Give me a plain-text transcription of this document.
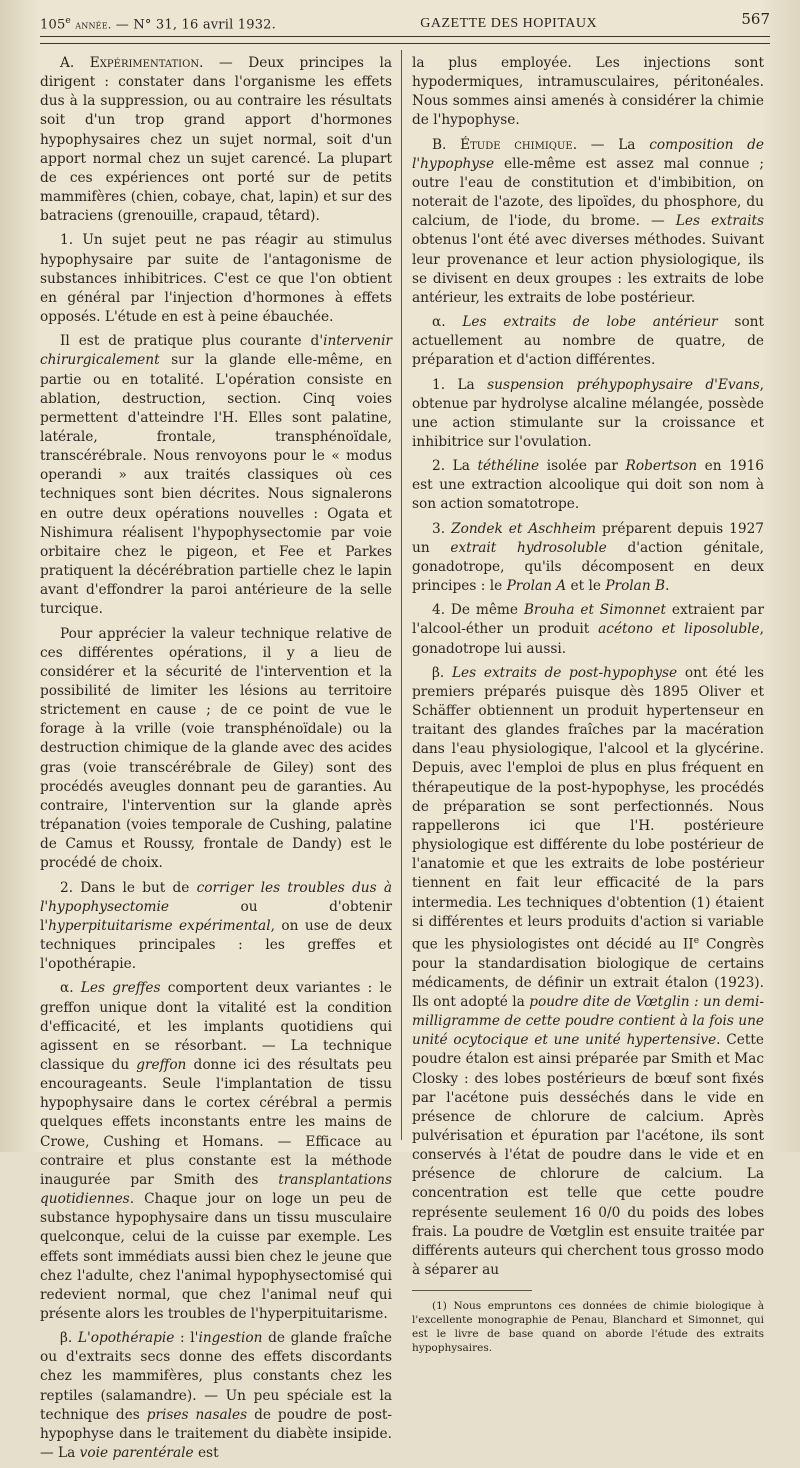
105e année. — N° 31, 16 avril 1932.	GAZETTE DES HOPITAUX	567

A. Expérimentation. — Deux principes la dirigent : constater dans l'organisme les effets dus à la suppression, ou au contraire les résultats soit d'un trop grand apport d'hormones hypophysaires chez un sujet normal, soit d'un apport normal chez un sujet carencé. La plupart de ces expériences ont porté sur de petits mammifères (chien, cobaye, chat, lapin) et sur des batraciens (grenouille, crapaud, têtard).

1. Un sujet peut ne pas réagir au stimulus hypophysaire par suite de l'antagonisme de substances inhibitrices. C'est ce que l'on obtient en général par l'injection d'hormones à effets opposés. L'étude en est à peine ébauchée.

Il est de pratique plus courante d'intervenir chirurgicalement sur la glande elle-même, en partie ou en totalité. L'opération consiste en ablation, destruction, section. Cinq voies permettent d'atteindre l'H. Elles sont palatine, latérale, frontale, transphénoïdale, transcérébrale. Nous renvoyons pour le « modus operandi » aux traités classiques où ces techniques sont bien décrites. Nous signalerons en outre deux opérations nouvelles : Ogata et Nishimura réalisent l'hypophysectomie par voie orbitaire chez le pigeon, et Fee et Parkes pratiquent la décérébration partielle chez le lapin avant d'effondrer la paroi antérieure de la selle turcique.

Pour apprécier la valeur technique relative de ces différentes opérations, il y a lieu de considérer et la sécurité de l'intervention et la possibilité de limiter les lésions au territoire strictement en cause ; de ce point de vue le forage à la vrille (voie transphénoïdale) ou la destruction chimique de la glande avec des acides gras (voie transcérébrale de Giley) sont des procédés aveugles donnant peu de garanties. Au contraire, l'intervention sur la glande après trépanation (voies temporale de Cushing, palatine de Camus et Roussy, frontale de Dandy) est le procédé de choix.

2. Dans le but de corriger les troubles dus à l'hypophysectomie ou d'obtenir l'hyperpituitarisme expérimental, on use de deux techniques principales : les greffes et l'opothérapie.

α. Les greffes comportent deux variantes : le greffon unique dont la vitalité est la condition d'efficacité, et les implants quotidiens qui agissent en se résorbant. — La technique classique du greffon donne ici des résultats peu encourageants. Seule l'implantation de tissu hypophysaire dans le cortex cérébral a permis quelques effets inconstants entre les mains de Crowe, Cushing et Homans. — Efficace au contraire et plus constante est la méthode inaugurée par Smith des transplantations quotidiennes. Chaque jour on loge un peu de substance hypophysaire dans un tissu musculaire quelconque, celui de la cuisse par exemple. Les effets sont immédiats aussi bien chez le jeune que chez l'adulte, chez l'animal hypophysectomisé qui redevient normal, que chez l'animal neuf qui présente alors les troubles de l'hyperpituitarisme.

β. L'opothérapie : l'ingestion de glande fraîche ou d'extraits secs donne des effets discordants chez les mammifères, plus constants chez les reptiles (salamandre). — Un peu spéciale est la technique des prises nasales de poudre de post-hypophyse dans le traitement du diabète insipide. — La voie parentérale est

la plus employée. Les injections sont hypodermiques, intramusculaires, péritonéales. Nous sommes ainsi amenés à considérer la chimie de l'hypophyse.

B. Étude chimique. — La composition de l'hypophyse elle-même est assez mal connue ; outre l'eau de constitution et d'imbibition, on noterait de l'azote, des lipoïdes, du phosphore, du calcium, de l'iode, du brome. — Les extraits obtenus l'ont été avec diverses méthodes. Suivant leur provenance et leur action physiologique, ils se divisent en deux groupes : les extraits de lobe antérieur, les extraits de lobe postérieur.

α. Les extraits de lobe antérieur sont actuellement au nombre de quatre, de préparation et d'action différentes.

1. La suspension préhypophysaire d'Evans, obtenue par hydrolyse alcaline mélangée, possède une action stimulante sur la croissance et inhibitrice sur l'ovulation.

2. La téthéline isolée par Robertson en 1916 est une extraction alcoolique qui doit son nom à son action somatotrope.

3. Zondek et Aschheim préparent depuis 1927 un extrait hydrosoluble d'action génitale, gonadotrope, qu'ils décomposent en deux principes : le Prolan A et le Prolan B.

4. De même Brouha et Simonnet extraient par l'alcool-éther un produit acétono et liposoluble, gonadotrope lui aussi.

β. Les extraits de post-hypophyse ont été les premiers préparés puisque dès 1895 Oliver et Schäffer obtiennent un produit hypertenseur en traitant des glandes fraîches par la macération dans l'eau physiologique, l'alcool et la glycérine. Depuis, avec l'emploi de plus en plus fréquent en thérapeutique de la post-hypophyse, les procédés de préparation se sont perfectionnés. Nous rappellerons ici que l'H. postérieure physiologique est différente du lobe postérieur de l'anatomie et que les extraits de lobe postérieur tiennent en fait leur efficacité de la pars intermedia. Les techniques d'obtention (1) étaient si différentes et leurs produits d'action si variable que les physiologistes ont décidé au IIe Congrès pour la standardisation biologique de certains médicaments, de définir un extrait étalon (1923). Ils ont adopté la poudre dite de Vœtglin : un demi-milligramme de cette poudre contient à la fois une unité ocytocique et une unité hypertensive. Cette poudre étalon est ainsi préparée par Smith et Mac Closky : des lobes postérieurs de bœuf sont fixés par l'acétone puis desséchés dans le vide en présence de chlorure de calcium. Après pulvérisation et épuration par l'acétone, ils sont conservés à l'état de poudre dans le vide et en présence de chlorure de calcium. La concentration est telle que cette poudre représente seulement 16 0/0 du poids des lobes frais. La poudre de Vœtglin est ensuite traitée par différents auteurs qui cherchent tous grosso modo à séparer au

(1) Nous empruntons ces données de chimie biologique à l'excellente monographie de Penau, Blanchard et Simonnet, qui est le livre de base quand on aborde l'étude des extraits hypophysaires.
